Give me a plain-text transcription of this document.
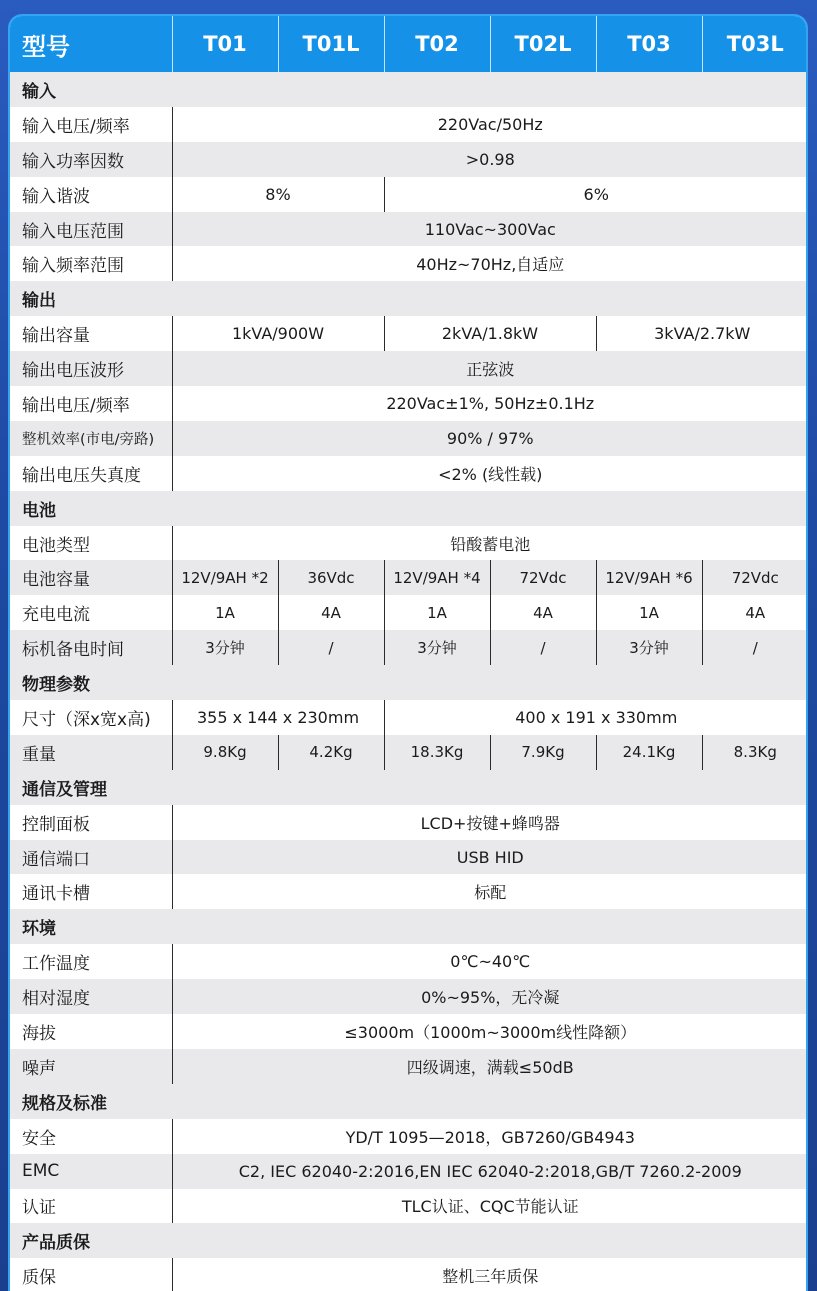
型号	T01	T01L	T02	T02L	T03	T03L
输入						
输入电压/频率	220Vac/50Hz					
输入功率因数	>0.98					
输入谐波	8%		6%			
输入电压范围	110Vac~300Vac					
输入频率范围	40Hz~70Hz,自适应					
输出						
输出容量	1kVA/900W		2kVA/1.8kW		3kVA/2.7kW	
输出电压波形	正弦波					
输出电压/频率	220Vac±1%, 50Hz±0.1Hz					
整机效率(市电/旁路)	90% / 97%					
输出电压失真度	<2% (线性载)					
电池						
电池类型	铅酸蓄电池					
电池容量	12V/9AH *2	36Vdc	12V/9AH *4	72Vdc	12V/9AH *6	72Vdc
充电电流	1A	4A	1A	4A	1A	4A
标机备电时间	3分钟	/	3分钟	/	3分钟	/
物理参数						
尺寸（深x宽x高)	355 x 144 x 230mm		400 x 191 x 330mm			
重量	9.8Kg	4.2Kg	18.3Kg	7.9Kg	24.1Kg	8.3Kg
通信及管理						
控制面板	LCD+按键+蜂鸣器					
通信端口	USB HID					
通讯卡槽	标配					
环境						
工作温度	0℃~40℃					
相对湿度	0%~95%，无冷凝					
海拔	≤3000m（1000m~3000m线性降额）					
噪声	四级调速，满载≤50dB					
规格及标准						
安全	YD/T 1095—2018，GB7260/GB4943					
EMC	C2, IEC 62040-2:2016,EN IEC 62040-2:2018,GB/T 7260.2-2009					
认证	TLC认证、CQC节能认证					
产品质保						
质保	整机三年质保					
